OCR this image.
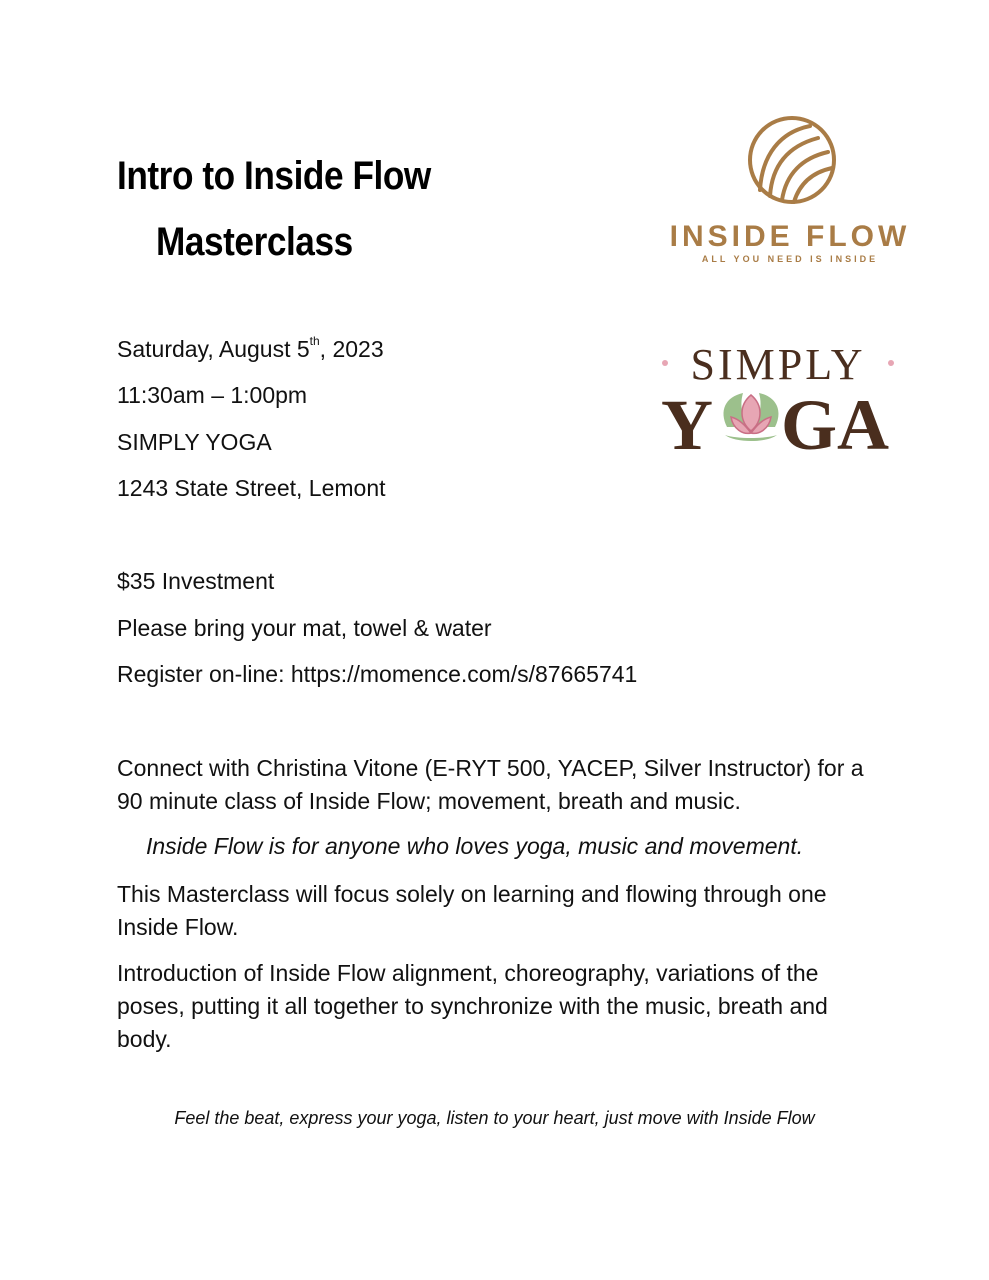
Intro to Inside Flow
Masterclass	INSIDE FLOW
ALL YOU NEED IS INSIDE
SIMPLY
Y GA
Saturday, August 5th, 2023
11:30am – 1:00pm
SIMPLY YOGA
1243 State Street, Lemont
$35 Investment
Please bring your mat, towel & water
Register on-line: https://momence.com/s/87665741
Connect with Christina Vitone (E-RYT 500, YACEP, Silver Instructor) for a 90 minute class of Inside Flow; movement, breath and music.
Inside Flow is for anyone who loves yoga, music and movement.
This Masterclass will focus solely on learning and flowing through one Inside Flow.
Introduction of Inside Flow alignment, choreography, variations of the poses, putting it all together to synchronize with the music, breath and body.
Feel the beat, express your yoga, listen to your heart, just move with Inside Flow
